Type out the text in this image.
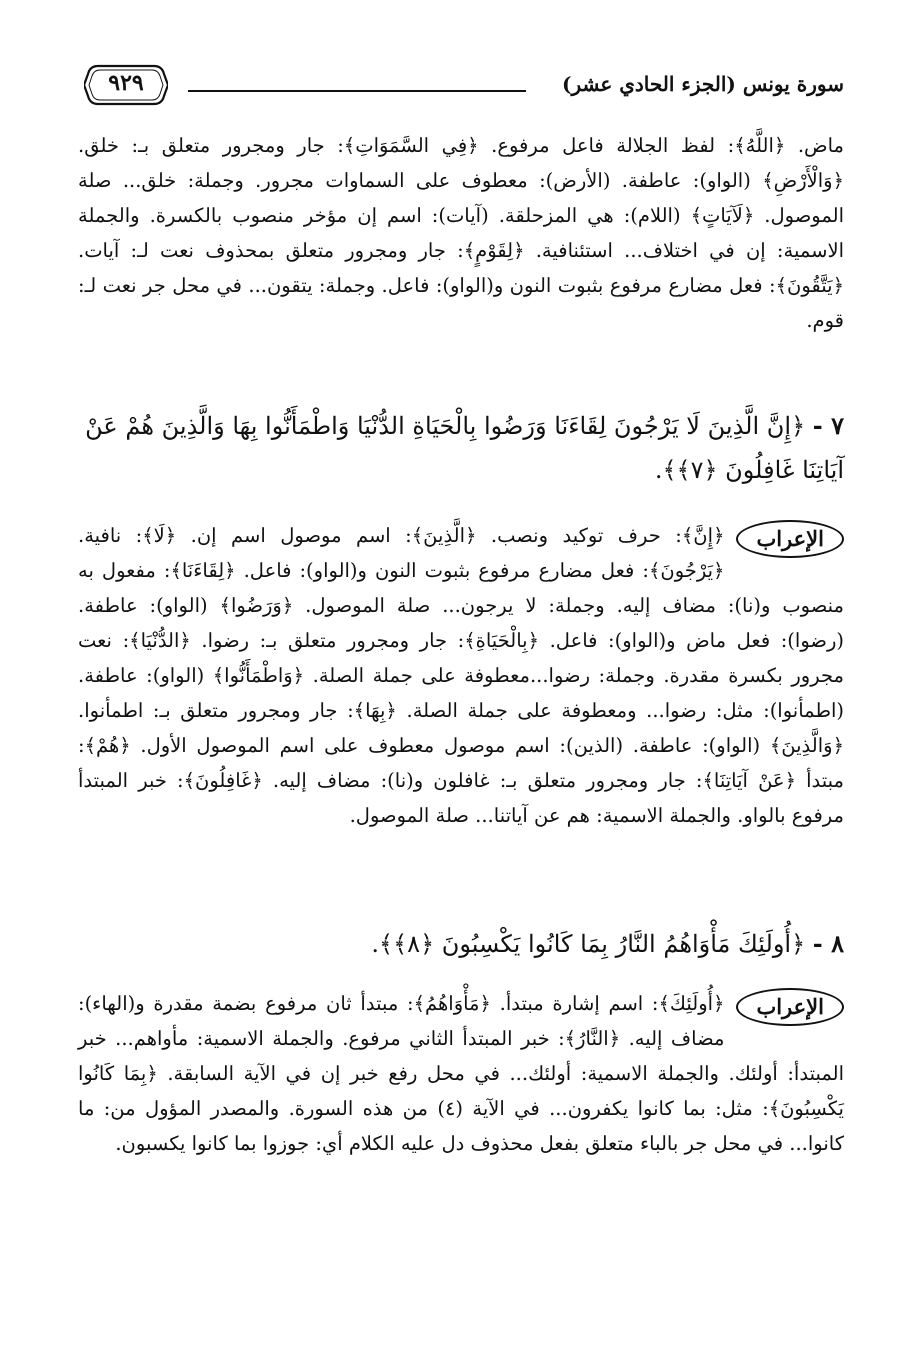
٩٢٩	سورة يونس (الجزء الحادي عشر)

ماض. ﴿اللَّهُ﴾: لفظ الجلالة فاعل مرفوع. ﴿فِي السَّمَوَاتِ﴾: جار ومجرور متعلق بـ: خلق. ﴿وَالْأَرْضِ﴾ (الواو): عاطفة. (الأرض): معطوف على السماوات مجرور. وجملة: خلق... صلة الموصول. ﴿لَآيَاتٍ﴾ (اللام): هي المزحلقة. (آيات): اسم إن مؤخر منصوب بالكسرة. والجملة الاسمية: إن في اختلاف... استئنافية. ﴿لِقَوْمٍ﴾: جار ومجرور متعلق بمحذوف نعت لـ: آيات. ﴿يَتَّقُونَ﴾: فعل مضارع مرفوع بثبوت النون و(الواو): فاعل. وجملة: يتقون... في محل جر نعت لـ: قوم.

٧ - ﴿إِنَّ الَّذِينَ لَا يَرْجُونَ لِقَاءَنَا وَرَضُوا بِالْحَيَاةِ الدُّنْيَا وَاطْمَأَنُّوا بِهَا وَالَّذِينَ هُمْ عَنْ آيَاتِنَا غَافِلُونَ ﴿٧﴾﴾.
الإعراب
﴿إِنَّ﴾: حرف توكيد ونصب. ﴿الَّذِينَ﴾: اسم موصول اسم إن. ﴿لَا﴾: نافية. ﴿يَرْجُونَ﴾: فعل مضارع مرفوع بثبوت النون و(الواو): فاعل. ﴿لِقَاءَنَا﴾: مفعول به منصوب و(نا): مضاف إليه. وجملة: لا يرجون... صلة الموصول. ﴿وَرَضُوا﴾ (الواو): عاطفة. (رضوا): فعل ماض و(الواو): فاعل. ﴿بِالْحَيَاةِ﴾: جار ومجرور متعلق بـ: رضوا. ﴿الدُّنْيَا﴾: نعت مجرور بكسرة مقدرة. وجملة: رضوا...معطوفة على جملة الصلة. ﴿وَاطْمَأَنُّوا﴾ (الواو): عاطفة. (اطمأنوا): مثل: رضوا... ومعطوفة على جملة الصلة. ﴿بِهَا﴾: جار ومجرور متعلق بـ: اطمأنوا. ﴿وَالَّذِينَ﴾ (الواو): عاطفة. (الذين): اسم موصول معطوف على اسم الموصول الأول. ﴿هُمْ﴾: مبتدأ ﴿عَنْ آيَاتِنَا﴾: جار ومجرور متعلق بـ: غافلون و(نا): مضاف إليه. ﴿غَافِلُونَ﴾: خبر المبتدأ مرفوع بالواو. والجملة الاسمية: هم عن آياتنا... صلة الموصول.
٨ - ﴿أُولَئِكَ مَأْوَاهُمُ النَّارُ بِمَا كَانُوا يَكْسِبُونَ ﴿٨﴾﴾.
الإعراب
﴿أُولَئِكَ﴾: اسم إشارة مبتدأ. ﴿مَأْوَاهُمُ﴾: مبتدأ ثان مرفوع بضمة مقدرة و(الهاء): مضاف إليه. ﴿النَّارُ﴾: خبر المبتدأ الثاني مرفوع. والجملة الاسمية: مأواهم... خبر المبتدأ: أولئك. والجملة الاسمية: أولئك... في محل رفع خبر إن في الآية السابقة. ﴿بِمَا كَانُوا يَكْسِبُونَ﴾: مثل: بما كانوا يكفرون... في الآية (٤) من هذه السورة. والمصدر المؤول من: ما كانوا... في محل جر بالباء متعلق بفعل محذوف دل عليه الكلام أي: جوزوا بما كانوا يكسبون.
